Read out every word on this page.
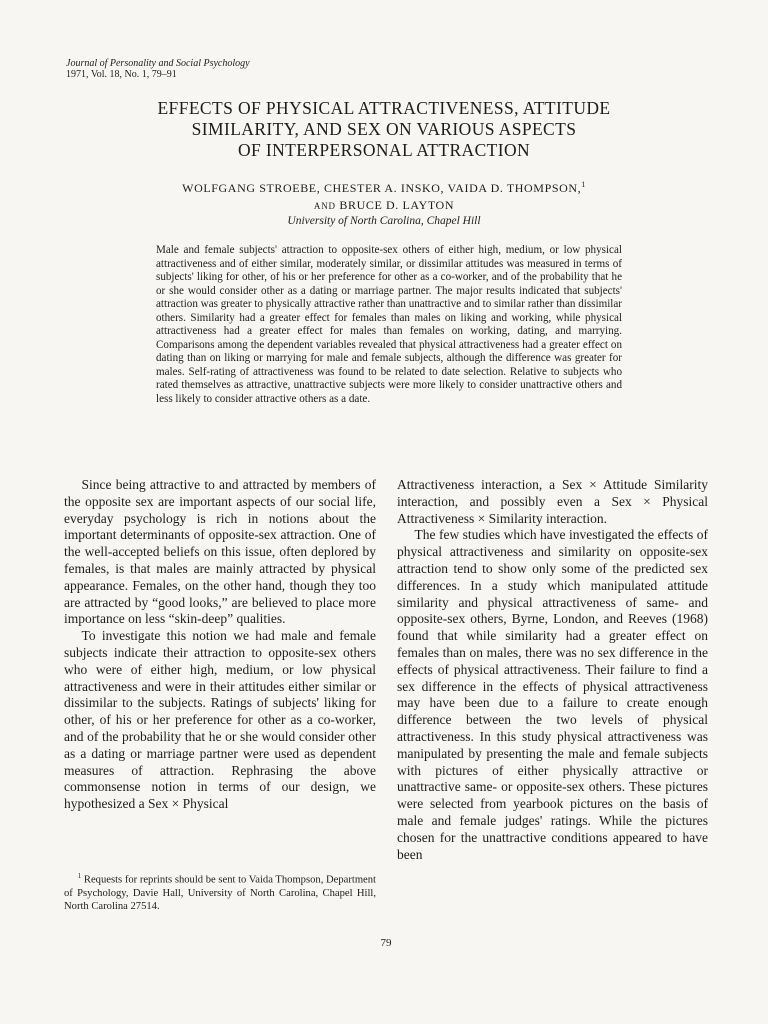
Journal of Personality and Social Psychology
1971, Vol. 18, No. 1, 79–91
EFFECTS OF PHYSICAL ATTRACTIVENESS, ATTITUDE
SIMILARITY, AND SEX ON VARIOUS ASPECTS
OF INTERPERSONAL ATTRACTION
WOLFGANG STROEBE, CHESTER A. INSKO, VAIDA D. THOMPSON,$^1$
AND BRUCE D. LAYTON
University of North Carolina, Chapel Hill
Male and female subjects' attraction to opposite-sex others of either high, medium, or low physical attractiveness and of either similar, moderately similar, or dissimilar attitudes was measured in terms of subjects' liking for other, of his or her preference for other as a co-worker, and of the probability that he or she would consider other as a dating or marriage partner. The major results indicated that subjects' attraction was greater to physically attractive rather than unattractive and to similar rather than dissimilar others. Similarity had a greater effect for females than males on liking and working, while physical attractiveness had a greater effect for males than females on working, dating, and marrying. Comparisons among the dependent variables revealed that physical attractiveness had a greater effect on dating than on liking or marrying for male and female subjects, although the difference was greater for males. Self-rating of attractiveness was found to be related to date selection. Relative to subjects who rated themselves as attractive, unattractive subjects were more likely to consider unattractive others and less likely to consider attractive others as a date.

Since being attractive to and attracted by members of the opposite sex are important aspects of our social life, everyday psychology is rich in notions about the important determinants of opposite-sex attraction. One of the well-accepted beliefs on this issue, often deplored by females, is that males are mainly attracted by physical appearance. Females, on the other hand, though they too are attracted by “good looks,” are believed to place more importance on less “skin-deep” qualities.

To investigate this notion we had male and female subjects indicate their attraction to opposite-sex others who were of either high, medium, or low physical attractiveness and were in their attitudes either similar or dissimilar to the subjects. Ratings of subjects' liking for other, of his or her preference for other as a co-worker, and of the probability that he or she would consider other as a dating or marriage partner were used as dependent measures of attraction. Rephrasing the above commonsense notion in terms of our design, we hypothesized a Sex × Physical

$^1$ Requests for reprints should be sent to Vaida Thompson, Department of Psychology, Davie Hall, University of North Carolina, Chapel Hill, North Carolina 27514.

Attractiveness interaction, a Sex × Attitude Similarity interaction, and possibly even a Sex × Physical Attractiveness × Similarity interaction.

The few studies which have investigated the effects of physical attractiveness and similarity on opposite-sex attraction tend to show only some of the predicted sex differences. In a study which manipulated attitude similarity and physical attractiveness of same- and opposite-sex others, Byrne, London, and Reeves (1968) found that while similarity had a greater effect on females than on males, there was no sex difference in the effects of physical attractiveness. Their failure to find a sex difference in the effects of physical attractiveness may have been due to a failure to create enough difference between the two levels of physical attractiveness. In this study physical attractiveness was manipulated by presenting the male and female subjects with pictures of either physically attractive or unattractive same- or opposite-sex others. These pictures were selected from yearbook pictures on the basis of male and female judges' ratings. While the pictures chosen for the unattractive conditions appeared to have been

79
